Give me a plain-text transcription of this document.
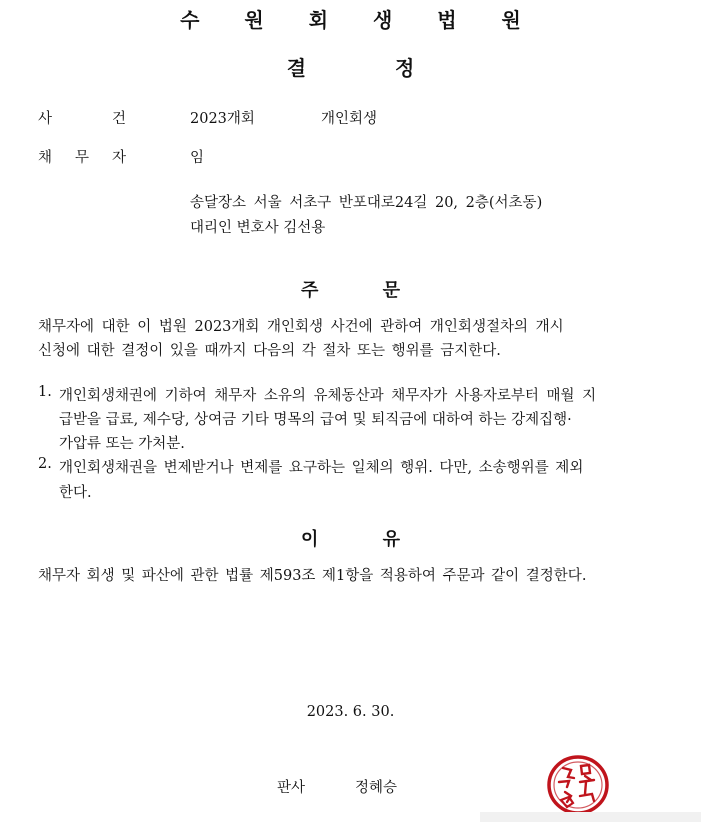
수 원 회 생 법 원
결 정
사	건	2023개회	개인회생
채 무 자	임
송달장소 서울 서초구 반포대로24길 20, 2층(서초동)
대리인 변호사 김선용
주 문
채무자에 대한 이 법원 2023개회 개인회생 사건에 관하여 개인회생절차의 개시
신청에 대한 결정이 있을 때까지 다음의 각 절차 또는 행위를 금지한다.
1. 개인회생채권에 기하여 채무자 소유의 유체동산과 채무자가 사용자로부터 매월 지
급받을 급료, 제수당, 상여금 기타 명목의 급여 및 퇴직금에 대하여 하는 강제집행·
가압류 또는 가처분.
2. 개인회생채권을 변제받거나 변제를 요구하는 일체의 행위. 다만, 소송행위를 제외
한다.
이 유
채무자 회생 및 파산에 관한 법률 제593조 제1항을 적용하여 주문과 같이 결정한다.
2023. 6. 30.
판사	정혜승
